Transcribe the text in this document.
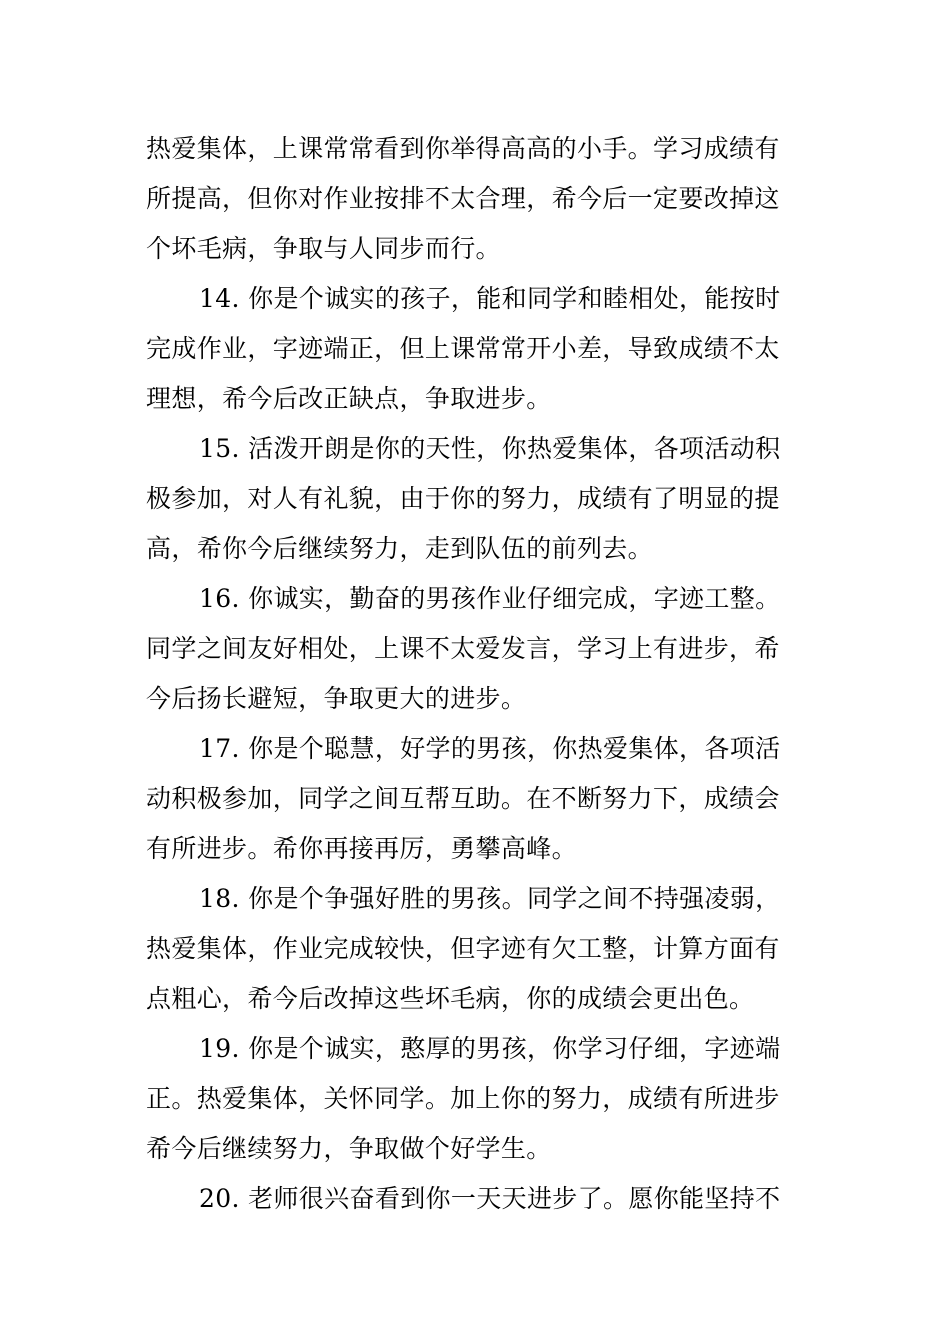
热爱集体，上课常常看到你举得高高的小手。学习成绩有
所提高，但你对作业按排不太合理，希今后一定要改掉这
个坏毛病，争取与人同步而行。
14. 你是个诚实的孩子，能和同学和睦相处，能按时
完成作业，字迹端正，但上课常常开小差，导致成绩不太
理想，希今后改正缺点，争取进步。
15. 活泼开朗是你的天性，你热爱集体，各项活动积
极参加，对人有礼貌，由于你的努力，成绩有了明显的提
高，希你今后继续努力，走到队伍的前列去。
16. 你诚实，勤奋的男孩作业仔细完成，字迹工整。
同学之间友好相处，上课不太爱发言，学习上有进步，希
今后扬长避短，争取更大的进步。
17. 你是个聪慧，好学的男孩，你热爱集体，各项活
动积极参加，同学之间互帮互助。在不断努力下，成绩会
有所进步。希你再接再厉，勇攀高峰。
18. 你是个争强好胜的男孩。同学之间不持强凌弱，
热爱集体，作业完成较快，但字迹有欠工整，计算方面有
点粗心，希今后改掉这些坏毛病，你的成绩会更出色。
19. 你是个诚实，憨厚的男孩，你学习仔细，字迹端
正。热爱集体，关怀同学。加上你的努力，成绩有所进步
希今后继续努力，争取做个好学生。
20. 老师很兴奋看到你一天天进步了。愿你能坚持不
